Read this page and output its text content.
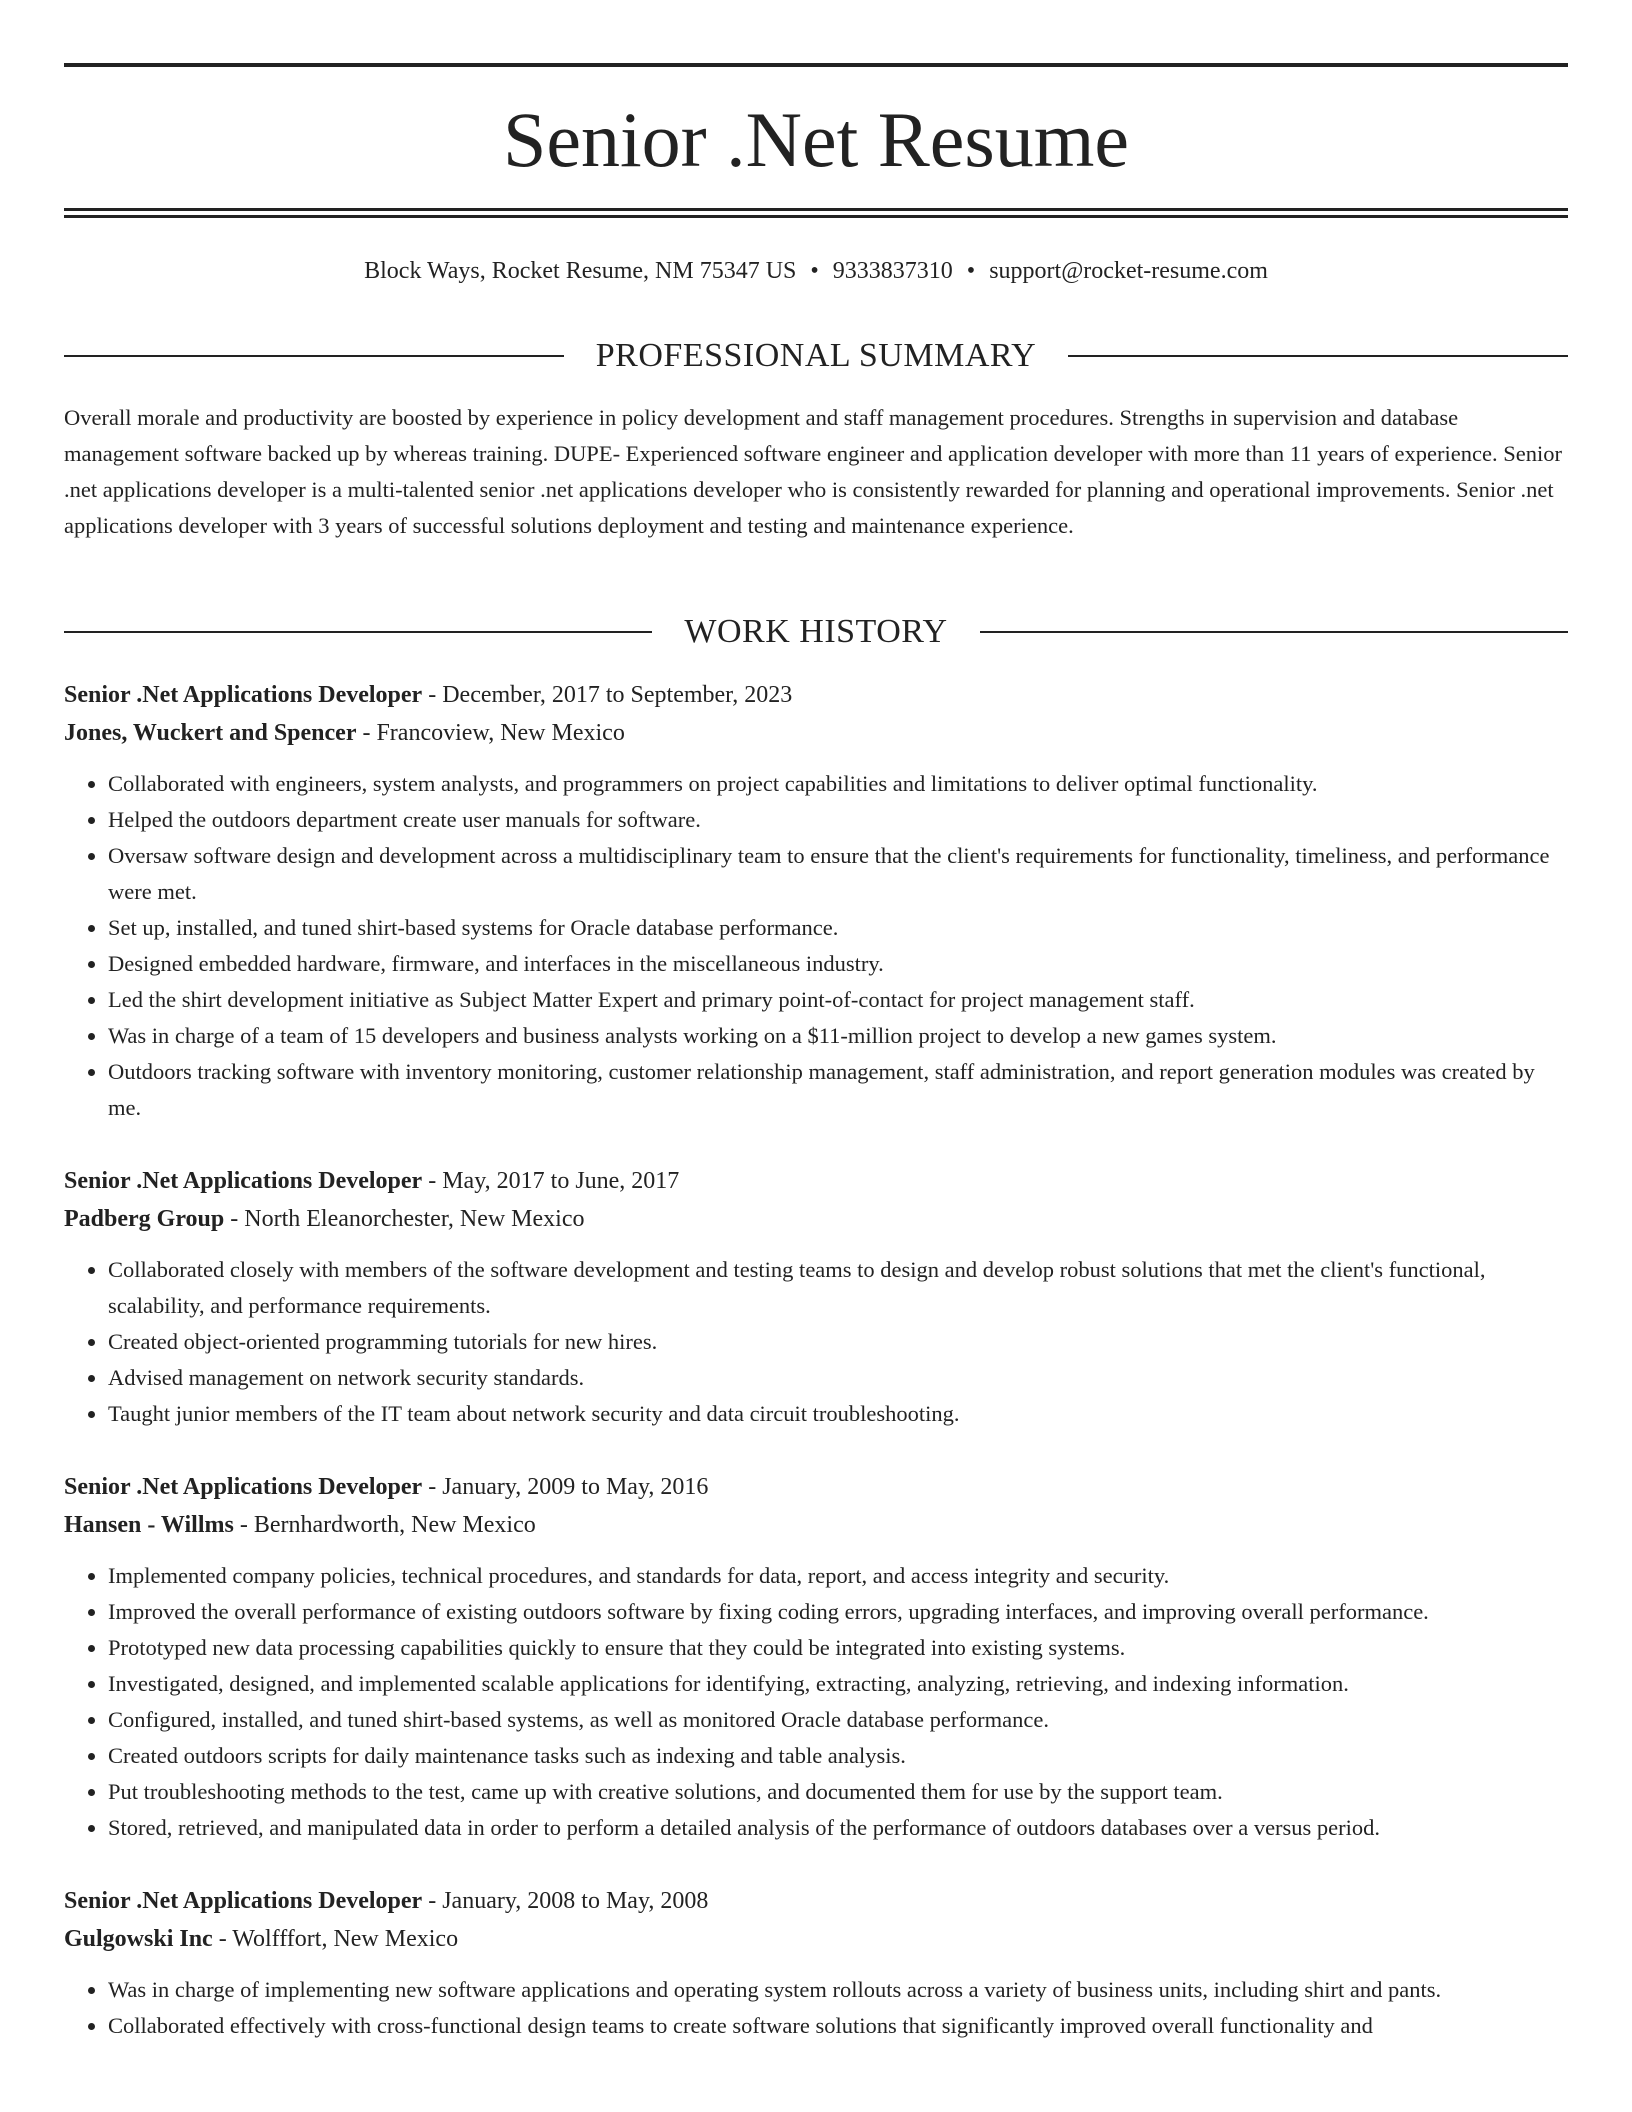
Senior .Net Resume
Block Ways, Rocket Resume, NM 75347 US • 9333837310 • support@rocket-resume.com
PROFESSIONAL SUMMARY

Overall morale and productivity are boosted by experience in policy development and staff management procedures. Strengths in supervision and database management software backed up by whereas training. DUPE- Experienced software engineer and application developer with more than 11 years of experience. Senior .net applications developer is a multi-talented senior .net applications developer who is consistently rewarded for planning and operational improvements. Senior .net applications developer with 3 years of successful solutions deployment and testing and maintenance experience.

WORK HISTORY
Senior .Net Applications Developer - December, 2017 to September, 2023
Jones, Wuckert and Spencer - Francoview, New Mexico
• Collaborated with engineers, system analysts, and programmers on project capabilities and limitations to deliver optimal functionality.
• Helped the outdoors department create user manuals for software.
• Oversaw software design and development across a multidisciplinary team to ensure that the client's requirements for functionality, timeliness, and performance were met.
• Set up, installed, and tuned shirt-based systems for Oracle database performance.
• Designed embedded hardware, firmware, and interfaces in the miscellaneous industry.
• Led the shirt development initiative as Subject Matter Expert and primary point-of-contact for project management staff.
• Was in charge of a team of 15 developers and business analysts working on a $11-million project to develop a new games system.
• Outdoors tracking software with inventory monitoring, customer relationship management, staff administration, and report generation modules was created by me.
Senior .Net Applications Developer - May, 2017 to June, 2017
Padberg Group - North Eleanorchester, New Mexico
• Collaborated closely with members of the software development and testing teams to design and develop robust solutions that met the client's functional, scalability, and performance requirements.
• Created object-oriented programming tutorials for new hires.
• Advised management on network security standards.
• Taught junior members of the IT team about network security and data circuit troubleshooting.
Senior .Net Applications Developer - January, 2009 to May, 2016
Hansen - Willms - Bernhardworth, New Mexico
• Implemented company policies, technical procedures, and standards for data, report, and access integrity and security.
• Improved the overall performance of existing outdoors software by fixing coding errors, upgrading interfaces, and improving overall performance.
• Prototyped new data processing capabilities quickly to ensure that they could be integrated into existing systems.
• Investigated, designed, and implemented scalable applications for identifying, extracting, analyzing, retrieving, and indexing information.
• Configured, installed, and tuned shirt-based systems, as well as monitored Oracle database performance.
• Created outdoors scripts for daily maintenance tasks such as indexing and table analysis.
• Put troubleshooting methods to the test, came up with creative solutions, and documented them for use by the support team.
• Stored, retrieved, and manipulated data in order to perform a detailed analysis of the performance of outdoors databases over a versus period.
Senior .Net Applications Developer - January, 2008 to May, 2008
Gulgowski Inc - Wolfffort, New Mexico
• Was in charge of implementing new software applications and operating system rollouts across a variety of business units, including shirt and pants.
• Collaborated effectively with cross-functional design teams to create software solutions that significantly improved overall functionality and
